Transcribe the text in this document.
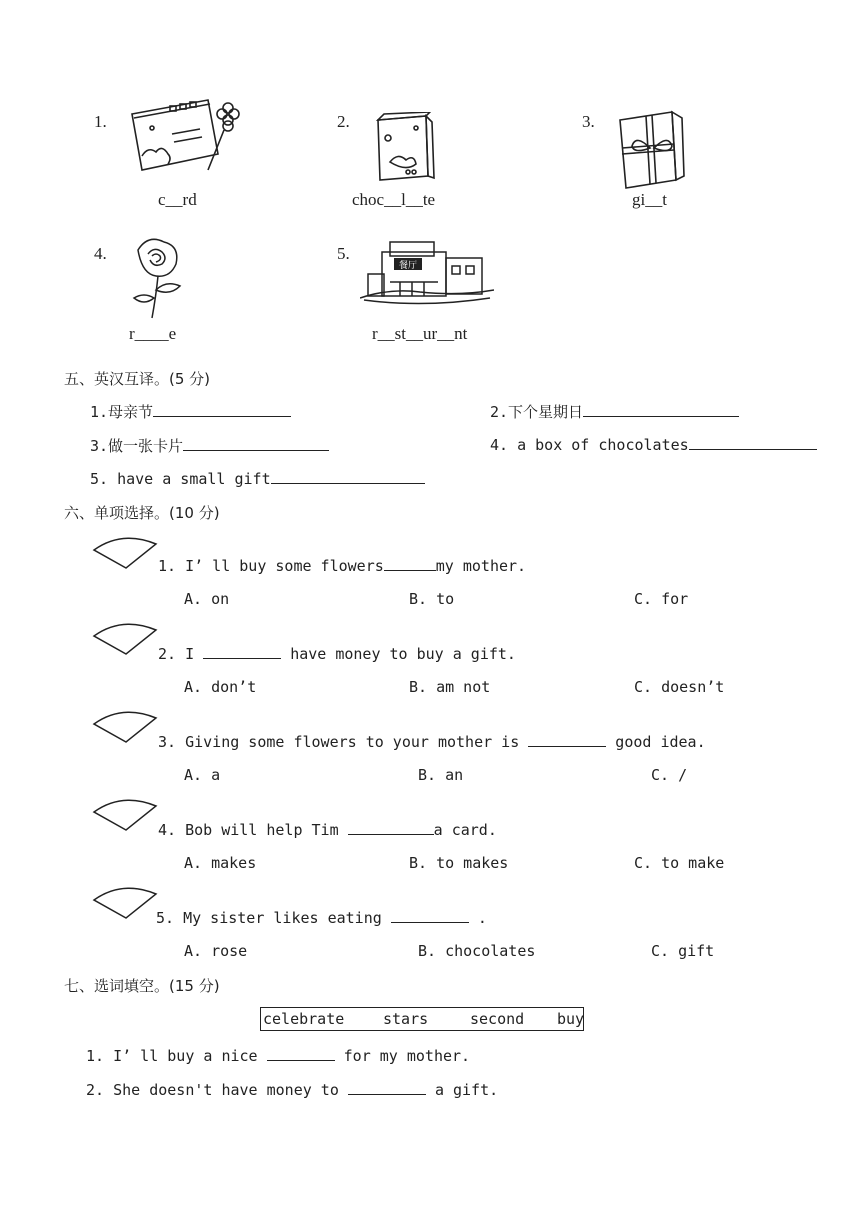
1.
c__rd
2.
choc__l__te
3.
gi__t
4.
r____e
5.
餐厅
r__st__ur__nt
五、英汉互译。(5 分)
1.母亲节	2.下个星期日
3.做一张卡片	4. a box of chocolates
5. have a small gift
六、单项选择。(10 分)
1. I’ ll buy some flowers	my mother.
A. on	B. to	C. for
2. I	have money to buy a gift.
A. don’t	B. am not	C. doesn’t
3. Giving some flowers to your mother is	good idea.
A. a	B. an	C. /
4. Bob will help Tim	a card.
A. makes	B. to makes	C. to make
5. My sister likes eating	.
A. rose	B. chocolates	C. gift
七、选词填空。(15 分)
celebrate	stars	second buy
1. I’ ll buy a nice	for my mother.
2. She doesn't have money to	a gift.
